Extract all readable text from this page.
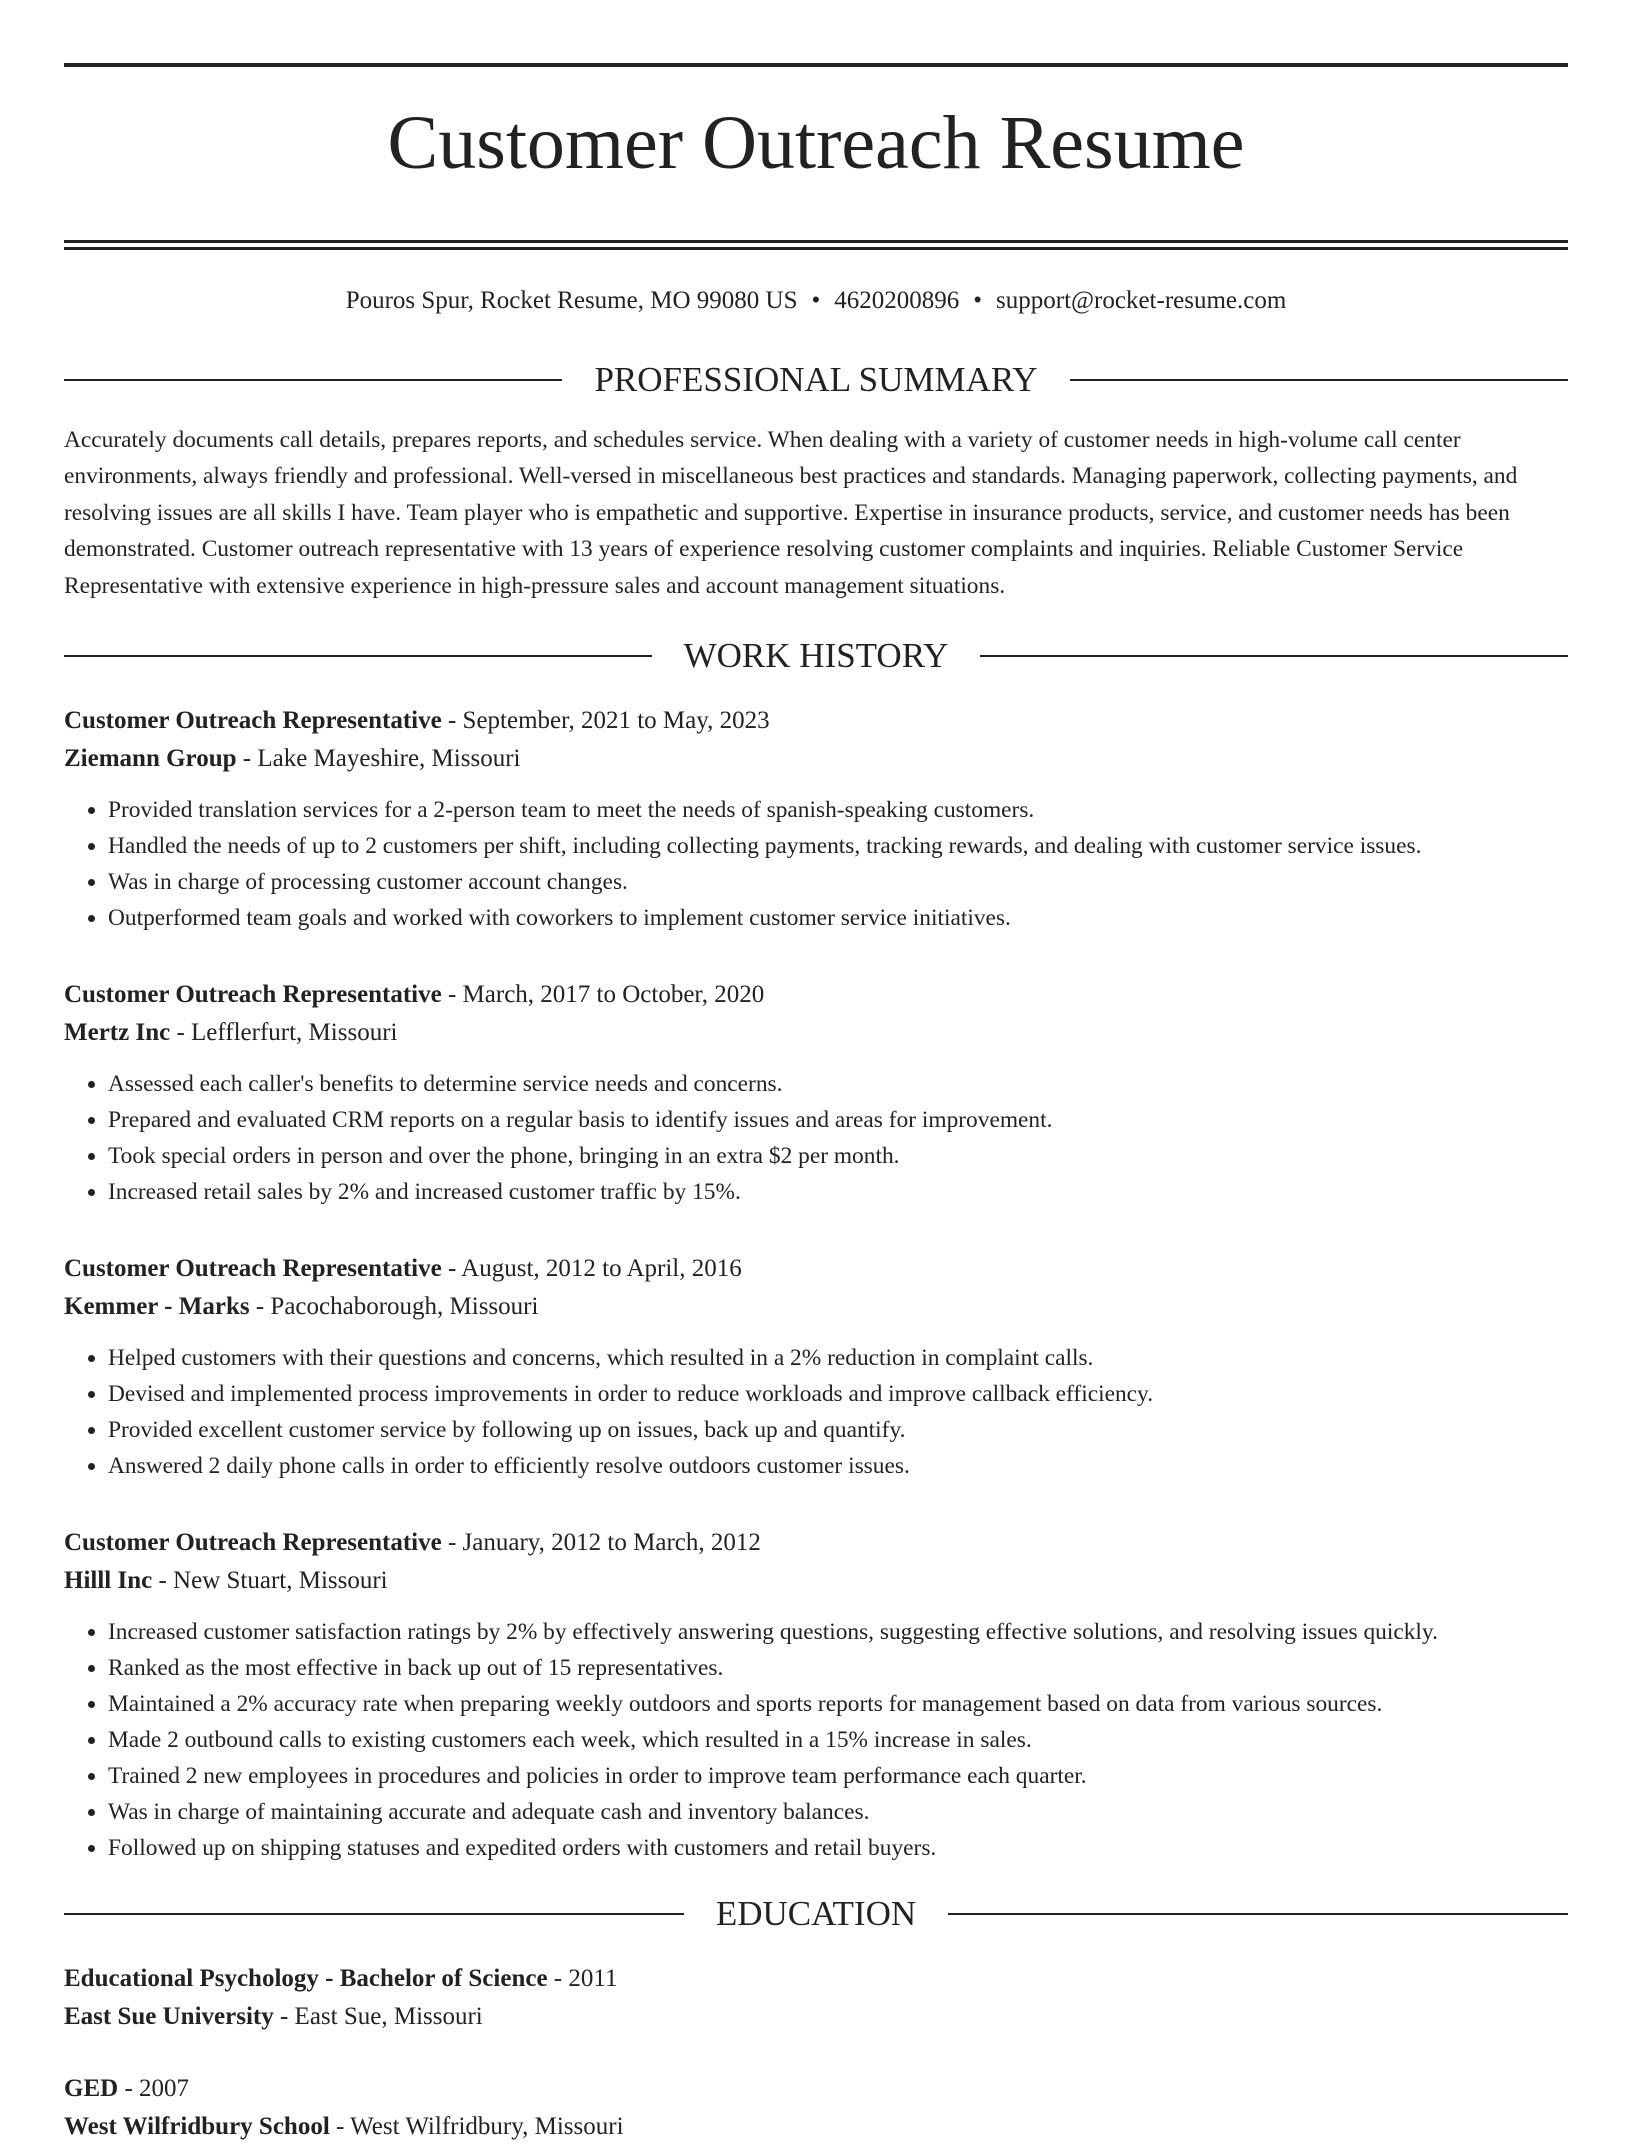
Customer Outreach Resume
Pouros Spur, Rocket Resume, MO 99080 US • 4620200896 • support@rocket-resume.com
PROFESSIONAL SUMMARY
Accurately documents call details, prepares reports, and schedules service. When dealing with a variety of customer needs in high-volume call center environments, always friendly and professional. Well-versed in miscellaneous best practices and standards. Managing paperwork, collecting payments, and resolving issues are all skills I have. Team player who is empathetic and supportive. Expertise in insurance products, service, and customer needs has been demonstrated. Customer outreach representative with 13 years of experience resolving customer complaints and inquiries. Reliable Customer Service Representative with extensive experience in high-pressure sales and account management situations.
WORK HISTORY
Customer Outreach Representative - September, 2021 to May, 2023
Ziemann Group - Lake Mayeshire, Missouri
• Provided translation services for a 2-person team to meet the needs of spanish-speaking customers.
• Handled the needs of up to 2 customers per shift, including collecting payments, tracking rewards, and dealing with customer service issues.
• Was in charge of processing customer account changes.
• Outperformed team goals and worked with coworkers to implement customer service initiatives.
Customer Outreach Representative - March, 2017 to October, 2020
Mertz Inc - Lefflerfurt, Missouri
• Assessed each caller's benefits to determine service needs and concerns.
• Prepared and evaluated CRM reports on a regular basis to identify issues and areas for improvement.
• Took special orders in person and over the phone, bringing in an extra $2 per month.
• Increased retail sales by 2% and increased customer traffic by 15%.
Customer Outreach Representative - August, 2012 to April, 2016
Kemmer - Marks - Pacochaborough, Missouri
• Helped customers with their questions and concerns, which resulted in a 2% reduction in complaint calls.
• Devised and implemented process improvements in order to reduce workloads and improve callback efficiency.
• Provided excellent customer service by following up on issues, back up and quantify.
• Answered 2 daily phone calls in order to efficiently resolve outdoors customer issues.
Customer Outreach Representative - January, 2012 to March, 2012
Hilll Inc - New Stuart, Missouri
• Increased customer satisfaction ratings by 2% by effectively answering questions, suggesting effective solutions, and resolving issues quickly.
• Ranked as the most effective in back up out of 15 representatives.
• Maintained a 2% accuracy rate when preparing weekly outdoors and sports reports for management based on data from various sources.
• Made 2 outbound calls to existing customers each week, which resulted in a 15% increase in sales.
• Trained 2 new employees in procedures and policies in order to improve team performance each quarter.
• Was in charge of maintaining accurate and adequate cash and inventory balances.
• Followed up on shipping statuses and expedited orders with customers and retail buyers.
EDUCATION
Educational Psychology - Bachelor of Science - 2011
East Sue University - East Sue, Missouri
GED - 2007
West Wilfridbury School - West Wilfridbury, Missouri
